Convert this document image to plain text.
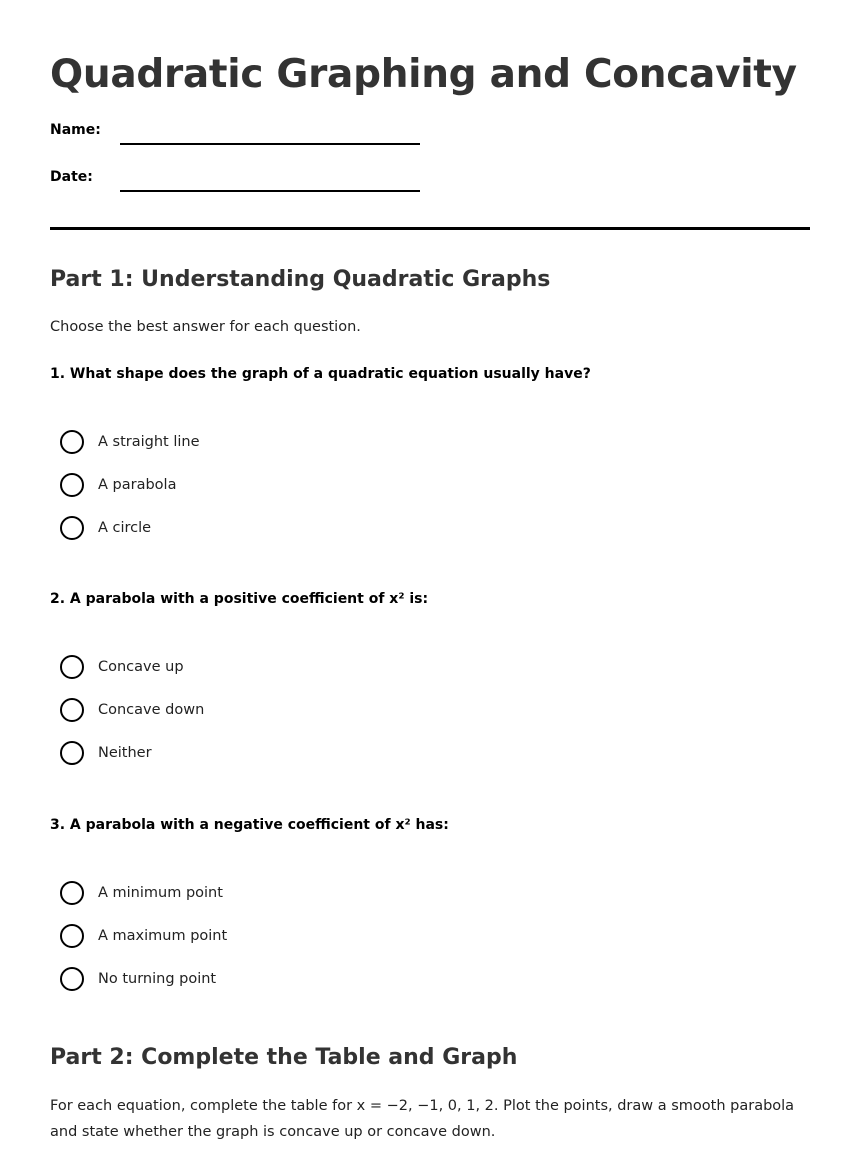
Quadratic Graphing and Concavity
Name:
Date:
Part 1: Understanding Quadratic Graphs

Choose the best answer for each question.

1. What shape does the graph of a quadratic equation usually have?

A straight line
A parabola
A circle

2. A parabola with a positive coefficient of x² is:

Concave up
Concave down
Neither

3. A parabola with a negative coefficient of x² has:

A minimum point
A maximum point
No turning point
Part 2: Complete the Table and Graph

For each equation, complete the table for x = −2, −1, 0, 1, 2. Plot the points, draw a smooth parabola and state whether the graph is concave up or concave down.
